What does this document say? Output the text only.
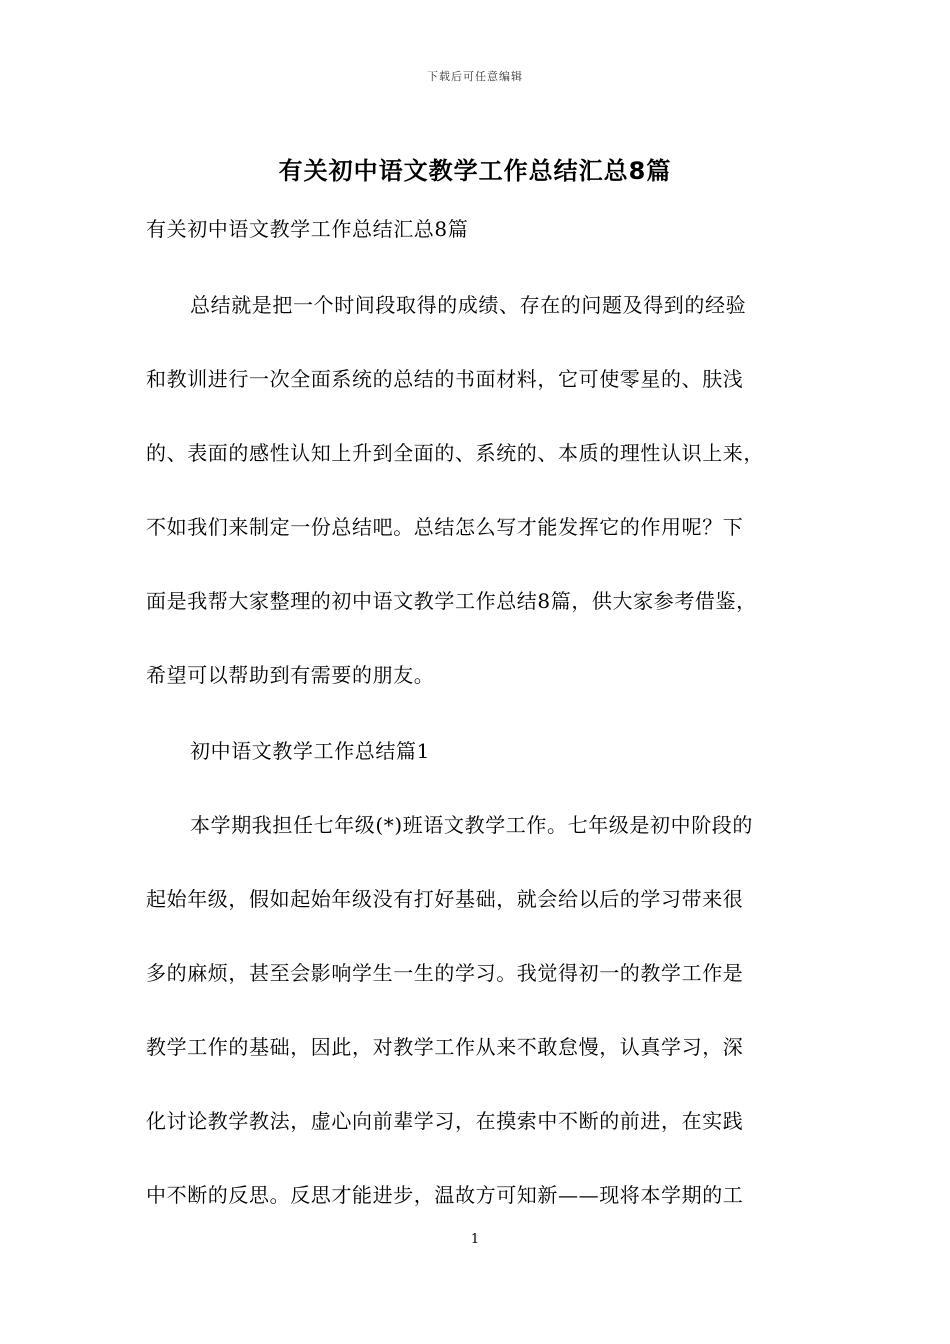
下载后可任意编辑
有关初中语文教学工作总结汇总8篇
有关初中语文教学工作总结汇总8篇
总结就是把一个时间段取得的成绩、存在的问题及得到的经验
和教训进行一次全面系统的总结的书面材料，它可使零星的、肤浅
的、表面的感性认知上升到全面的、系统的、本质的理性认识上来，
不如我们来制定一份总结吧。总结怎么写才能发挥它的作用呢？下
面是我帮大家整理的初中语文教学工作总结8篇，供大家参考借鉴，
希望可以帮助到有需要的朋友。
初中语文教学工作总结篇1
本学期我担任七年级(*)班语文教学工作。七年级是初中阶段的
起始年级，假如起始年级没有打好基础，就会给以后的学习带来很
多的麻烦，甚至会影响学生一生的学习。我觉得初一的教学工作是
教学工作的基础，因此，对教学工作从来不敢怠慢，认真学习，深
化讨论教学教法，虚心向前辈学习，在摸索中不断的前进，在实践
中不断的反思。反思才能进步，温故方可知新——现将本学期的工
1
